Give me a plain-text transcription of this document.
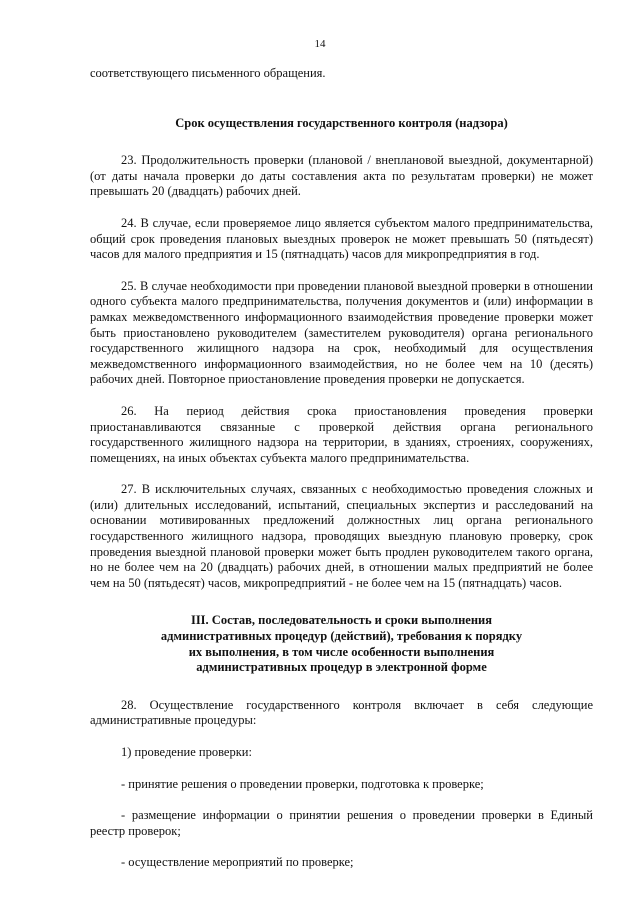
14

соответствующего письменного обращения.

Срок осуществления государственного контроля (надзора)

23. Продолжительность проверки (плановой / внеплановой выездной, документарной) (от даты начала проверки до даты составления акта по результатам проверки) не может превышать 20 (двадцать) рабочих дней.

24. В случае, если проверяемое лицо является субъектом малого предпринимательства, общий срок проведения плановых выездных проверок не может превышать 50 (пятьдесят) часов для малого предприятия и 15 (пятнадцать) часов для микропредприятия в год.

25. В случае необходимости при проведении плановой выездной проверки в отношении одного субъекта малого предпринимательства, получения документов и (или) информации в рамках межведомственного информационного взаимодействия проведение проверки может быть приостановлено руководителем (заместителем руководителя) органа регионального государственного жилищного надзора на срок, необходимый для осуществления межведомственного информационного взаимодействия, но не более чем на 10 (десять) рабочих дней. Повторное приостановление проведения проверки не допускается.

26. На период действия срока приостановления проведения проверки приостанавливаются связанные с проверкой действия органа регионального государственного жилищного надзора на территории, в зданиях, строениях, сооружениях, помещениях, на иных объектах субъекта малого предпринимательства.

27. В исключительных случаях, связанных с необходимостью проведения сложных и (или) длительных исследований, испытаний, специальных экспертиз и расследований на основании мотивированных предложений должностных лиц органа регионального государственного жилищного надзора, проводящих выездную плановую проверку, срок проведения выездной плановой проверки может быть продлен руководителем такого органа, но не более чем на 20 (двадцать) рабочих дней, в отношении малых предприятий не более чем на 50 (пятьдесят) часов, микропредприятий - не более чем на 15 (пятнадцать) часов.

III. Состав, последовательность и сроки выполнения

административных процедур (действий), требования к порядку

их выполнения, в том числе особенности выполнения

административных процедур в электронной форме

28. Осуществление государственного контроля включает в себя следующие административные процедуры:

1) проведение проверки:

- принятие решения о проведении проверки, подготовка к проверке;

- размещение информации о принятии решения о проведении проверки в Единый реестр проверок;

- осуществление мероприятий по проверке;
